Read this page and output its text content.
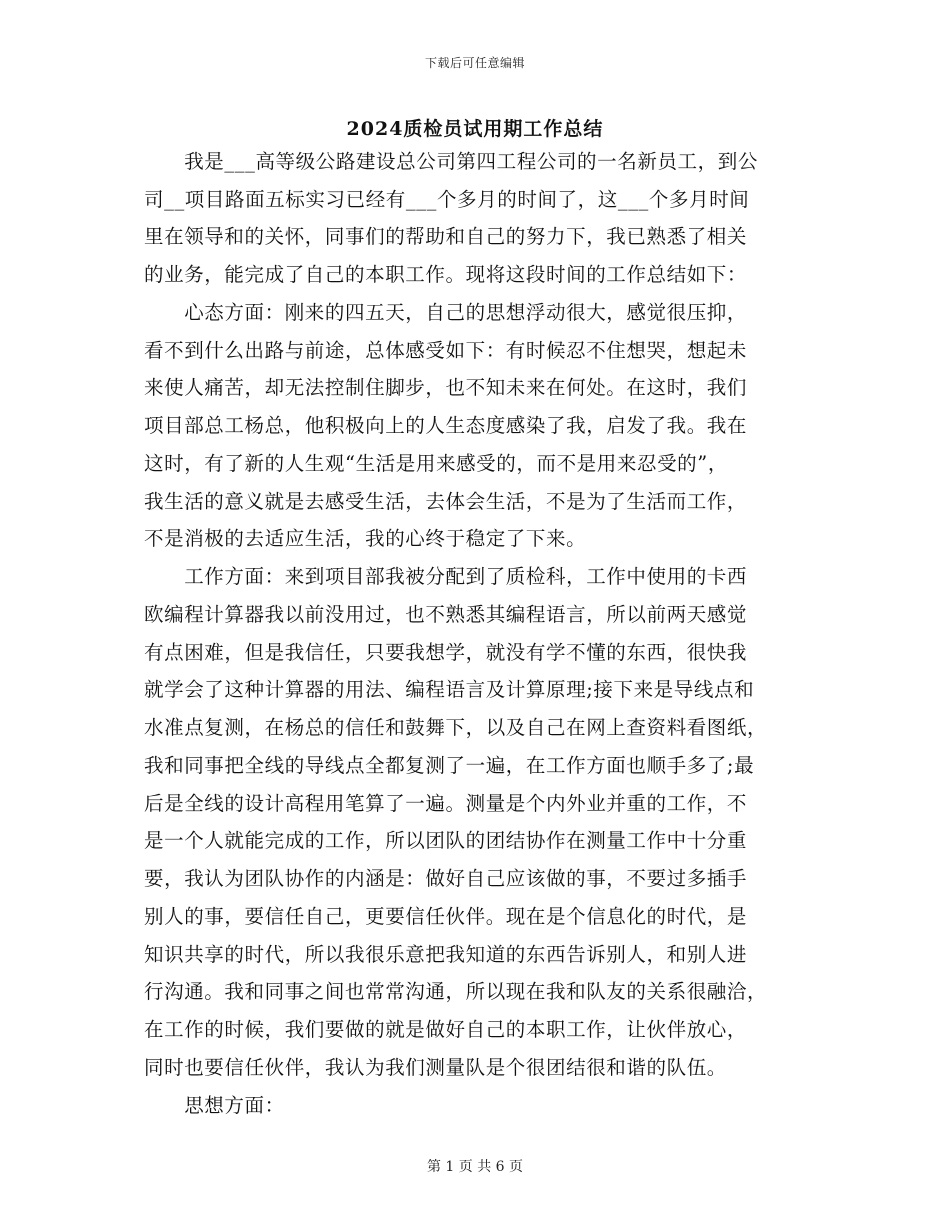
下载后可任意编辑
2024质检员试用期工作总结
　　我是___高等级公路建设总公司第四工程公司的一名新员工，到公
司__项目路面五标实习已经有___个多月的时间了，这___个多月时间
里在领导和的关怀，同事们的帮助和自己的努力下，我已熟悉了相关
的业务，能完成了自己的本职工作。现将这段时间的工作总结如下：
　　心态方面：刚来的四五天，自己的思想浮动很大，感觉很压抑，
看不到什么出路与前途，总体感受如下：有时候忍不住想哭，想起未
来使人痛苦，却无法控制住脚步，也不知未来在何处。在这时，我们
项目部总工杨总，他积极向上的人生态度感染了我，启发了我。我在
这时，有了新的人生观“生活是用来感受的，而不是用来忍受的”，
我生活的意义就是去感受生活，去体会生活，不是为了生活而工作，
不是消极的去适应生活，我的心终于稳定了下来。
　　工作方面：来到项目部我被分配到了质检科，工作中使用的卡西
欧编程计算器我以前没用过，也不熟悉其编程语言，所以前两天感觉
有点困难，但是我信任，只要我想学，就没有学不懂的东西，很快我
就学会了这种计算器的用法、编程语言及计算原理;接下来是导线点和
水准点复测，在杨总的信任和鼓舞下，以及自己在网上查资料看图纸，
我和同事把全线的导线点全都复测了一遍，在工作方面也顺手多了;最
后是全线的设计高程用笔算了一遍。测量是个内外业并重的工作，不
是一个人就能完成的工作，所以团队的团结协作在测量工作中十分重
要，我认为团队协作的内涵是：做好自己应该做的事，不要过多插手
别人的事，要信任自己，更要信任伙伴。现在是个信息化的时代，是
知识共享的时代，所以我很乐意把我知道的东西告诉别人，和别人进
行沟通。我和同事之间也常常沟通，所以现在我和队友的关系很融洽，
在工作的时候，我们要做的就是做好自己的本职工作，让伙伴放心，
同时也要信任伙伴，我认为我们测量队是个很团结很和谐的队伍。
　　思想方面：
第 1 页 共 6 页
